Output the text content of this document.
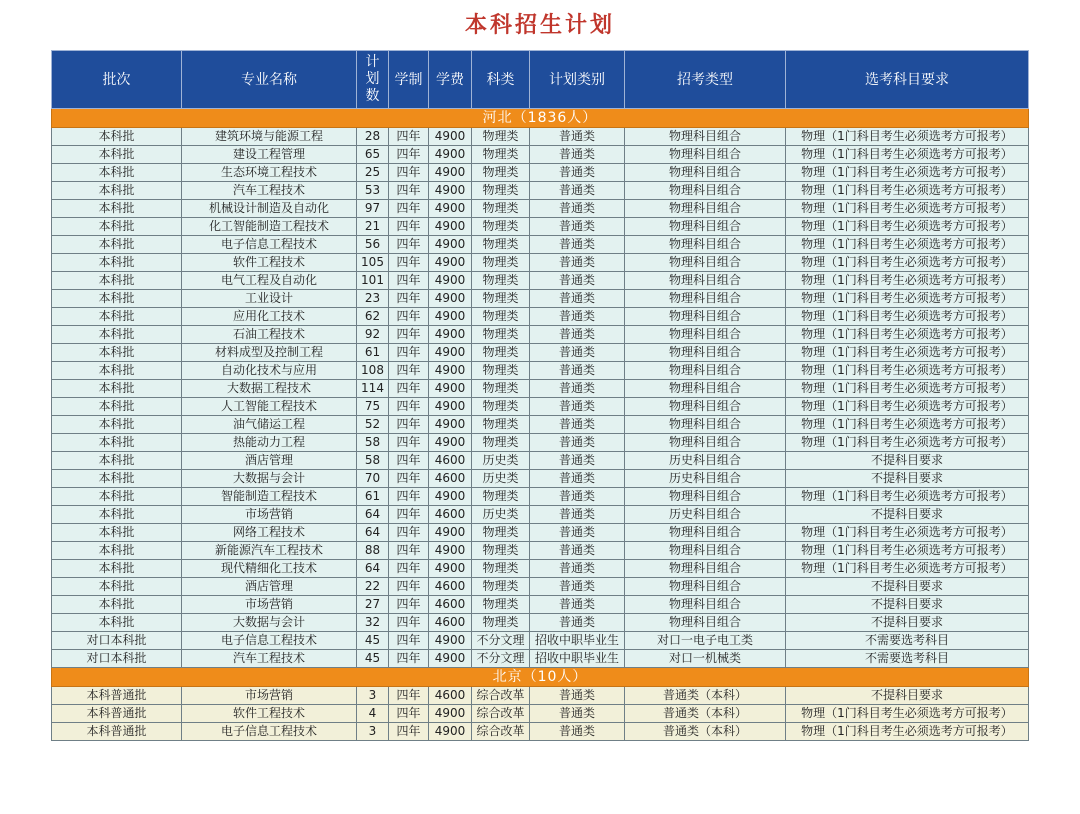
本科招生计划
批次	专业名称	计划数	学制	学费	科类	计划类别	招考类型	选考科目要求
河北（1836人）								
本科批	建筑环境与能源工程	28	四年	4900	物理类	普通类	物理科目组合	物理（1门科目考生必须选考方可报考）
本科批	建设工程管理	65	四年	4900	物理类	普通类	物理科目组合	物理（1门科目考生必须选考方可报考）
本科批	生态环境工程技术	25	四年	4900	物理类	普通类	物理科目组合	物理（1门科目考生必须选考方可报考）
本科批	汽车工程技术	53	四年	4900	物理类	普通类	物理科目组合	物理（1门科目考生必须选考方可报考）
本科批	机械设计制造及自动化	97	四年	4900	物理类	普通类	物理科目组合	物理（1门科目考生必须选考方可报考）
本科批	化工智能制造工程技术	21	四年	4900	物理类	普通类	物理科目组合	物理（1门科目考生必须选考方可报考）
本科批	电子信息工程技术	56	四年	4900	物理类	普通类	物理科目组合	物理（1门科目考生必须选考方可报考）
本科批	软件工程技术	105	四年	4900	物理类	普通类	物理科目组合	物理（1门科目考生必须选考方可报考）
本科批	电气工程及自动化	101	四年	4900	物理类	普通类	物理科目组合	物理（1门科目考生必须选考方可报考）
本科批	工业设计	23	四年	4900	物理类	普通类	物理科目组合	物理（1门科目考生必须选考方可报考）
本科批	应用化工技术	62	四年	4900	物理类	普通类	物理科目组合	物理（1门科目考生必须选考方可报考）
本科批	石油工程技术	92	四年	4900	物理类	普通类	物理科目组合	物理（1门科目考生必须选考方可报考）
本科批	材料成型及控制工程	61	四年	4900	物理类	普通类	物理科目组合	物理（1门科目考生必须选考方可报考）
本科批	自动化技术与应用	108	四年	4900	物理类	普通类	物理科目组合	物理（1门科目考生必须选考方可报考）
本科批	大数据工程技术	114	四年	4900	物理类	普通类	物理科目组合	物理（1门科目考生必须选考方可报考）
本科批	人工智能工程技术	75	四年	4900	物理类	普通类	物理科目组合	物理（1门科目考生必须选考方可报考）
本科批	油气储运工程	52	四年	4900	物理类	普通类	物理科目组合	物理（1门科目考生必须选考方可报考）
本科批	热能动力工程	58	四年	4900	物理类	普通类	物理科目组合	物理（1门科目考生必须选考方可报考）
本科批	酒店管理	58	四年	4600	历史类	普通类	历史科目组合	不提科目要求
本科批	大数据与会计	70	四年	4600	历史类	普通类	历史科目组合	不提科目要求
本科批	智能制造工程技术	61	四年	4900	物理类	普通类	物理科目组合	物理（1门科目考生必须选考方可报考）
本科批	市场营销	64	四年	4600	历史类	普通类	历史科目组合	不提科目要求
本科批	网络工程技术	64	四年	4900	物理类	普通类	物理科目组合	物理（1门科目考生必须选考方可报考）
本科批	新能源汽车工程技术	88	四年	4900	物理类	普通类	物理科目组合	物理（1门科目考生必须选考方可报考）
本科批	现代精细化工技术	64	四年	4900	物理类	普通类	物理科目组合	物理（1门科目考生必须选考方可报考）
本科批	酒店管理	22	四年	4600	物理类	普通类	物理科目组合	不提科目要求
本科批	市场营销	27	四年	4600	物理类	普通类	物理科目组合	不提科目要求
本科批	大数据与会计	32	四年	4600	物理类	普通类	物理科目组合	不提科目要求
对口本科批	电子信息工程技术	45	四年	4900	不分文理	招收中职毕业生	对口一电子电工类	不需要选考科目
对口本科批	汽车工程技术	45	四年	4900	不分文理	招收中职毕业生	对口一机械类	不需要选考科目
北京（10人）								
本科普通批	市场营销	3	四年	4600	综合改革	普通类	普通类（本科）	不提科目要求
本科普通批	软件工程技术	4	四年	4900	综合改革	普通类	普通类（本科）	物理（1门科目考生必须选考方可报考）
本科普通批	电子信息工程技术	3	四年	4900	综合改革	普通类	普通类（本科）	物理（1门科目考生必须选考方可报考）
